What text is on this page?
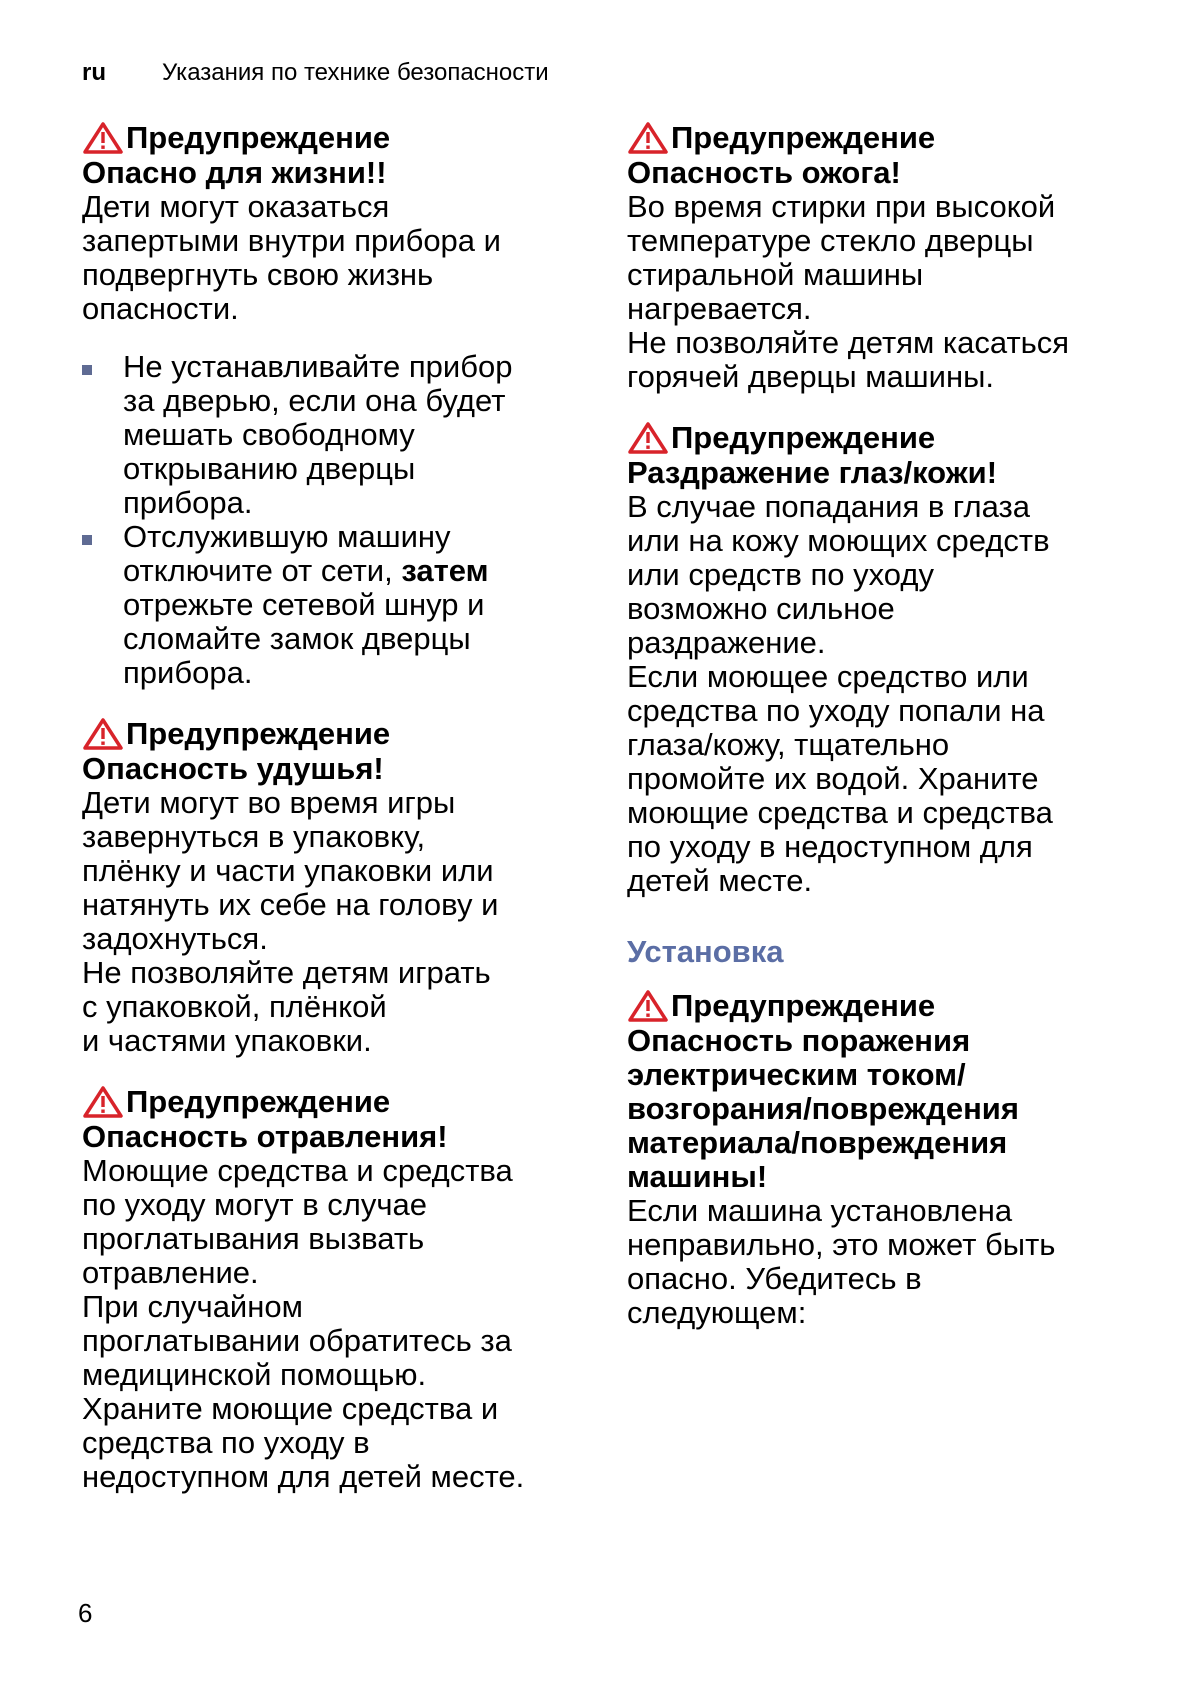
ru Указания по технике безопасности

Предупреждение

Опасно для жизни!!

Дети могут оказаться
запертыми внутри прибора и
подвергнуть свою жизнь
опасности.

Не устанавливайте прибор
за дверью, если она будет
мешать свободному
открыванию дверцы
прибора.
Отслужившую машину
отключите от сети, затем
отрежьте сетевой шнур и
сломайте замок дверцы
прибора.

Предупреждение

Опасность удушья!

Дети могут во время игры
завернуться в упаковку,
плёнку и части упаковки или
натянуть их себе на голову и
задохнуться.
Не позволяйте детям играть
с упаковкой, плёнкой
и частями упаковки.

Предупреждение

Опасность отравления!

Моющие средства и средства
по уходу могут в случае
проглатывания вызвать
отравление.
При случайном
проглатывании обратитесь за
медицинской помощью.
Храните моющие средства и
средства по уходу в
недоступном для детей месте.

Предупреждение

Опасность ожога!

Во время стирки при высокой
температуре стекло дверцы
стиральной машины
нагревается.
Не позволяйте детям касаться
горячей дверцы машины.

Предупреждение

Раздражение глаз/кожи!

В случае попадания в глаза
или на кожу моющих средств
или средств по уходу
возможно сильное
раздражение.
Если моющее средство или
средства по уходу попали на
глаза/кожу, тщательно
промойте их водой. Храните
моющие средства и средства
по уходу в недоступном для
детей месте.

Установка

Предупреждение

Опасность поражения
электрическим током/
возгорания/повреждения
материала/повреждения
машины!

Если машина установлена
неправильно, это может быть
опасно. Убедитесь в
следующем:

6
